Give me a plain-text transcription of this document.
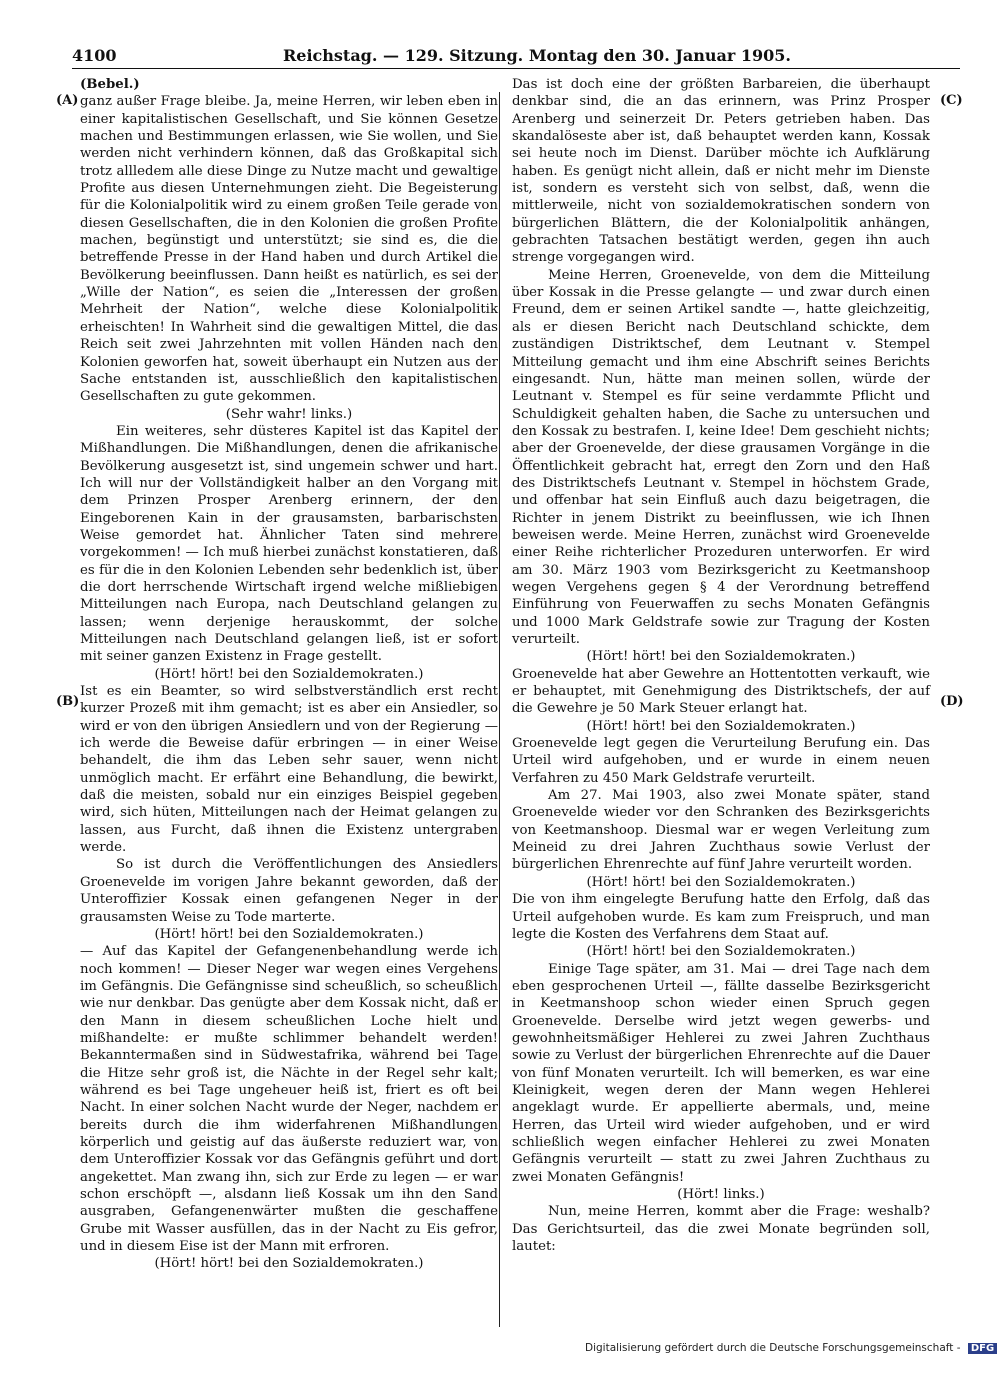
4100	Reichstag. — 129. Sitzung. Montag den 30. Januar 1905.
(A)
(B)
(C)
(D)

(Bebel.)

ganz außer Frage bleibe. Ja, meine Herren, wir leben eben in einer kapitalistischen Gesellschaft, und Sie können Gesetze machen und Bestimmungen erlassen, wie Sie wollen, und Sie werden nicht verhindern können, daß das Großkapital sich trotz allledem alle diese Dinge zu Nutze macht und gewaltige Profite aus diesen Unternehmungen zieht. Die Begeisterung für die Kolonialpolitik wird zu einem großen Teile gerade von diesen Gesellschaften, die in den Kolonien die großen Profite machen, begünstigt und unterstützt; sie sind es, die die betreffende Presse in der Hand haben und durch Artikel die Bevölkerung beeinflussen. Dann heißt es natürlich, es sei der „Wille der Nation“, es seien die „Interessen der großen Mehrheit der Nation“, welche diese Kolonialpolitik erheischten! In Wahrheit sind die gewaltigen Mittel, die das Reich seit zwei Jahrzehnten mit vollen Händen nach den Kolonien geworfen hat, soweit überhaupt ein Nutzen aus der Sache entstanden ist, ausschließlich den kapitalistischen Gesellschaften zu gute gekommen.

(Sehr wahr! links.)

Ein weiteres, sehr düsteres Kapitel ist das Kapitel der Mißhandlungen. Die Mißhandlungen, denen die afrikanische Bevölkerung ausgesetzt ist, sind ungemein schwer und hart. Ich will nur der Vollständigkeit halber an den Vorgang mit dem Prinzen Prosper Arenberg erinnern, der den Eingeborenen Kain in der grausamsten, barbarischsten Weise gemordet hat. Ähnlicher Taten sind mehrere vorgekommen! — Ich muß hierbei zunächst konstatieren, daß es für die in den Kolonien Lebenden sehr bedenklich ist, über die dort herrschende Wirtschaft irgend welche mißliebigen Mitteilungen nach Europa, nach Deutschland gelangen zu lassen; wenn derjenige herauskommt, der solche Mitteilungen nach Deutschland gelangen ließ, ist er sofort mit seiner ganzen Existenz in Frage gestellt.

(Hört! hört! bei den Sozialdemokraten.)

Ist es ein Beamter, so wird selbstverständlich erst recht kurzer Prozeß mit ihm gemacht; ist es aber ein Ansiedler, so wird er von den übrigen Ansiedlern und von der Regierung — ich werde die Beweise dafür erbringen — in einer Weise behandelt, die ihm das Leben sehr sauer, wenn nicht unmöglich macht. Er erfährt eine Behandlung, die bewirkt, daß die meisten, sobald nur ein einziges Beispiel gegeben wird, sich hüten, Mitteilungen nach der Heimat gelangen zu lassen, aus Furcht, daß ihnen die Existenz untergraben werde.

So ist durch die Veröffentlichungen des Ansiedlers Groenevelde im vorigen Jahre bekannt geworden, daß der Unteroffizier Kossak einen gefangenen Neger in der grausamsten Weise zu Tode marterte.

(Hört! hört! bei den Sozialdemokraten.)

— Auf das Kapitel der Gefangenenbehandlung werde ich noch kommen! — Dieser Neger war wegen eines Vergehens im Gefängnis. Die Gefängnisse sind scheußlich, so scheußlich wie nur denkbar. Das genügte aber dem Kossak nicht, daß er den Mann in diesem scheußlichen Loche hielt und mißhandelte: er mußte schlimmer behandelt werden! Bekanntermaßen sind in Südwestafrika, während bei Tage die Hitze sehr groß ist, die Nächte in der Regel sehr kalt; während es bei Tage ungeheuer heiß ist, friert es oft bei Nacht. In einer solchen Nacht wurde der Neger, nachdem er bereits durch die ihm widerfahrenen Mißhandlungen körperlich und geistig auf das äußerste reduziert war, von dem Unteroffizier Kossak vor das Gefängnis geführt und dort angekettet. Man zwang ihn, sich zur Erde zu legen — er war schon erschöpft —, alsdann ließ Kossak um ihn den Sand ausgraben, Gefangenenwärter mußten die geschaffene Grube mit Wasser ausfüllen, das in der Nacht zu Eis gefror, und in diesem Eise ist der Mann mit erfroren.

(Hört! hört! bei den Sozialdemokraten.)

Das ist doch eine der größten Barbareien, die überhaupt denkbar sind, die an das erinnern, was Prinz Prosper Arenberg und seinerzeit Dr. Peters getrieben haben. Das skandalöseste aber ist, daß behauptet werden kann, Kossak sei heute noch im Dienst. Darüber möchte ich Aufklärung haben. Es genügt nicht allein, daß er nicht mehr im Dienste ist, sondern es versteht sich von selbst, daß, wenn die mittlerweile, nicht von sozialdemokratischen sondern von bürgerlichen Blättern, die der Kolonialpolitik anhängen, gebrachten Tatsachen bestätigt werden, gegen ihn auch strenge vorgegangen wird.

Meine Herren, Groenevelde, von dem die Mitteilung über Kossak in die Presse gelangte — und zwar durch einen Freund, dem er seinen Artikel sandte —, hatte gleichzeitig, als er diesen Bericht nach Deutschland schickte, dem zuständigen Distriktschef, dem Leutnant v. Stempel Mitteilung gemacht und ihm eine Abschrift seines Berichts eingesandt. Nun, hätte man meinen sollen, würde der Leutnant v. Stempel es für seine verdammte Pflicht und Schuldigkeit gehalten haben, die Sache zu untersuchen und den Kossak zu bestrafen. I, keine Idee! Dem geschieht nichts; aber der Groenevelde, der diese grausamen Vorgänge in die Öffentlichkeit gebracht hat, erregt den Zorn und den Haß des Distriktschefs Leutnant v. Stempel in höchstem Grade, und offenbar hat sein Einfluß auch dazu beigetragen, die Richter in jenem Distrikt zu beeinflussen, wie ich Ihnen beweisen werde. Meine Herren, zunächst wird Groenevelde einer Reihe richterlicher Prozeduren unterworfen. Er wird am 30. März 1903 vom Bezirksgericht zu Keetmanshoop wegen Vergehens gegen § 4 der Verordnung betreffend Einführung von Feuerwaffen zu sechs Monaten Gefängnis und 1000 Mark Geldstrafe sowie zur Tragung der Kosten verurteilt.

(Hört! hört! bei den Sozialdemokraten.)

Groenevelde hat aber Gewehre an Hottentotten verkauft, wie er behauptet, mit Genehmigung des Distriktschefs, der auf die Gewehre je 50 Mark Steuer erlangt hat.

(Hört! hört! bei den Sozialdemokraten.)

Groenevelde legt gegen die Verurteilung Berufung ein. Das Urteil wird aufgehoben, und er wurde in einem neuen Verfahren zu 450 Mark Geldstrafe verurteilt.

Am 27. Mai 1903, also zwei Monate später, stand Groenevelde wieder vor den Schranken des Bezirksgerichts von Keetmanshoop. Diesmal war er wegen Verleitung zum Meineid zu drei Jahren Zuchthaus sowie Verlust der bürgerlichen Ehrenrechte auf fünf Jahre verurteilt worden.

(Hört! hört! bei den Sozialdemokraten.)

Die von ihm eingelegte Berufung hatte den Erfolg, daß das Urteil aufgehoben wurde. Es kam zum Freispruch, und man legte die Kosten des Verfahrens dem Staat auf.

(Hört! hört! bei den Sozialdemokraten.)

Einige Tage später, am 31. Mai — drei Tage nach dem eben gesprochenen Urteil —, fällte dasselbe Bezirksgericht in Keetmanshoop schon wieder einen Spruch gegen Groenevelde. Derselbe wird jetzt wegen gewerbs- und gewohnheitsmäßiger Hehlerei zu zwei Jahren Zuchthaus sowie zu Verlust der bürgerlichen Ehrenrechte auf die Dauer von fünf Monaten verurteilt. Ich will bemerken, es war eine Kleinigkeit, wegen deren der Mann wegen Hehlerei angeklagt wurde. Er appellierte abermals, und, meine Herren, das Urteil wird wieder aufgehoben, und er wird schließlich wegen einfacher Hehlerei zu zwei Monaten Gefängnis verurteilt — statt zu zwei Jahren Zuchthaus zu zwei Monaten Gefängnis!

(Hört! links.)

Nun, meine Herren, kommt aber die Frage: weshalb? Das Gerichtsurteil, das die zwei Monate begründen soll, lautet:

Digitalisierung gefördert durch die Deutsche Forschungsgemeinschaft - DFG
